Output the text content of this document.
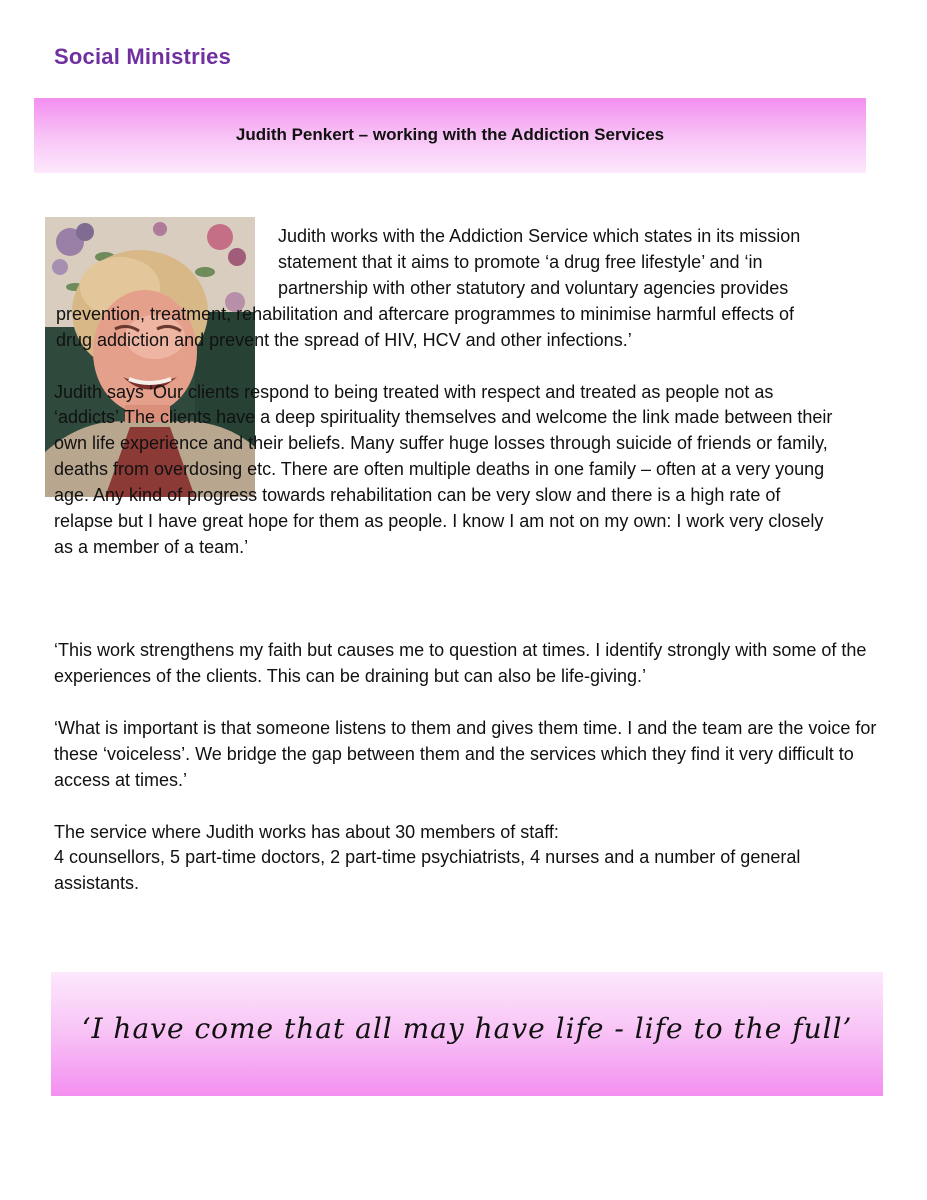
Social Ministries
Judith Penkert – working with the Addiction Services

Judith works with the Addiction Service which states in its mission statement that it aims to promote ‘a drug free lifestyle’ and ‘in partnership with other statutory and voluntary agencies provides prevention, treatment, rehabilitation and aftercare programmes to minimise harmful effects of drug addiction and prevent the spread of HIV, HCV and other infections.’

Judith says ‘Our clients respond to being treated with respect and treated as people not as ‘addicts’.The clients have a deep spirituality themselves and welcome the link made between their own life experience and their beliefs. Many suffer huge losses through suicide of friends or family, deaths from overdosing etc. There are often multiple deaths in one family – often at a very young age. Any kind of progress towards rehabilitation can be very slow and there is a high rate of relapse but I have great hope for them as people. I know I am not on my own: I work very closely as a member of a team.’

‘This work strengthens my faith but causes me to question at times. I identify strongly with some of the experiences of the clients. This can be draining but can also be life-giving.’

‘What is important is that someone listens to them and gives them time. I and the team are the voice for these ‘voiceless’. We bridge the gap between them and the services which they find it very difficult to access at times.’

The service where Judith works has about 30 members of staff:

4 counsellors, 5 part-time doctors, 2 part-time psychiatrists, 4 nurses and a number of general assistants.

‘I have come that all may have life - life to the full’
